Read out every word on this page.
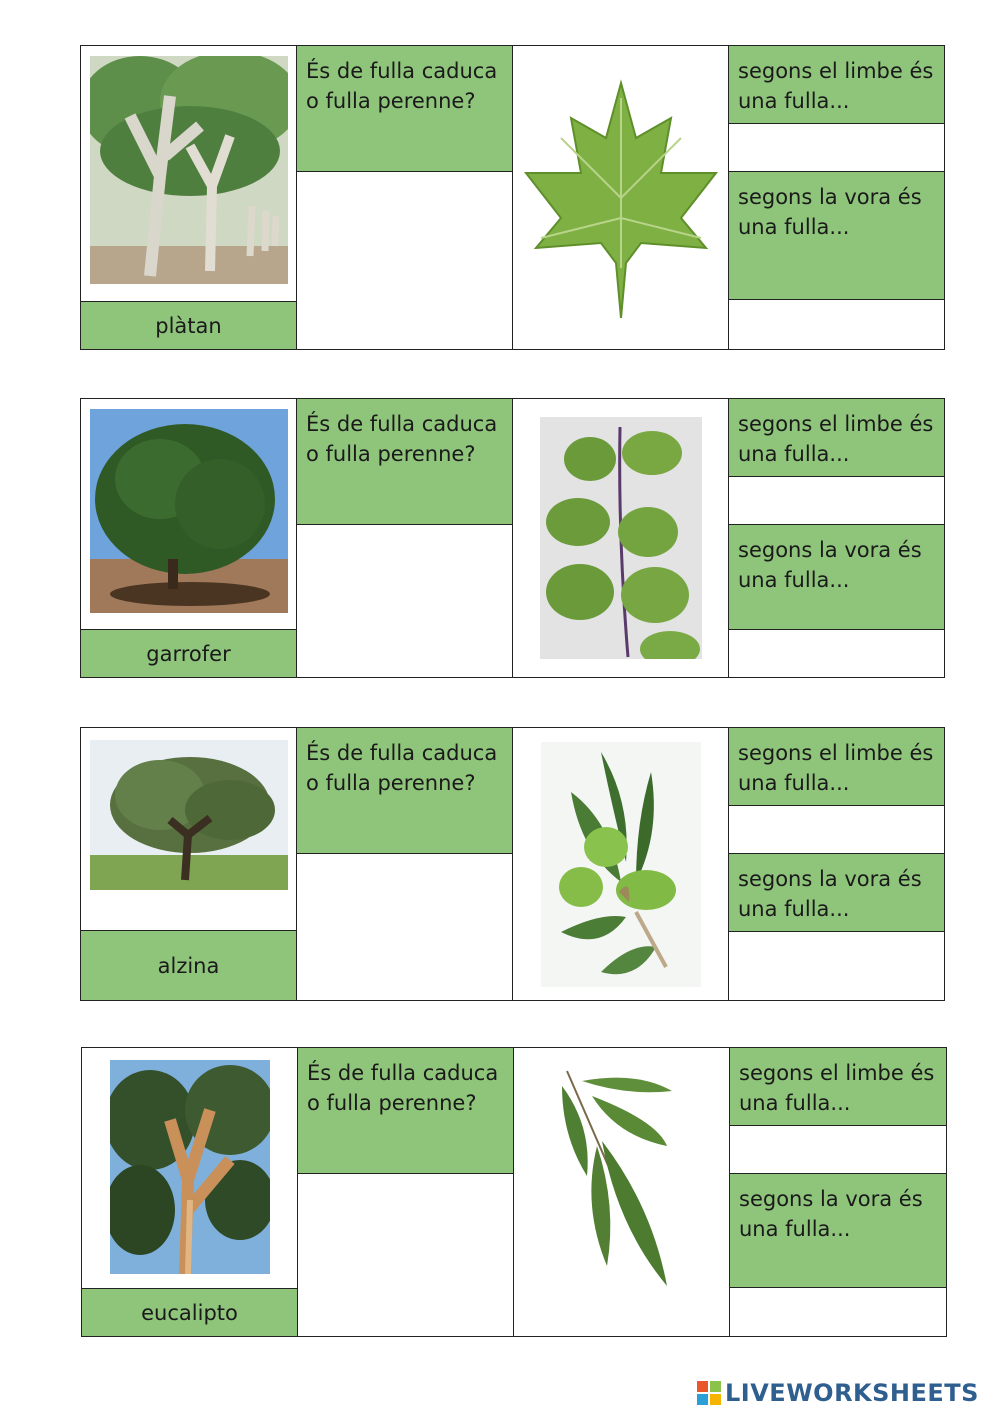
plàtan
És de fulla caduca o fulla perenne?
segons el limbe és una fulla...
segons la vora és una fulla...
garrofer
És de fulla caduca o fulla perenne?
segons el limbe és una fulla...
segons la vora és una fulla...
alzina
És de fulla caduca o fulla perenne?
segons el limbe és una fulla...
segons la vora és una fulla...
eucalipto
És de fulla caduca o fulla perenne?
segons el limbe és una fulla...
segons la vora és una fulla...
LIVEWORKSHEETS
